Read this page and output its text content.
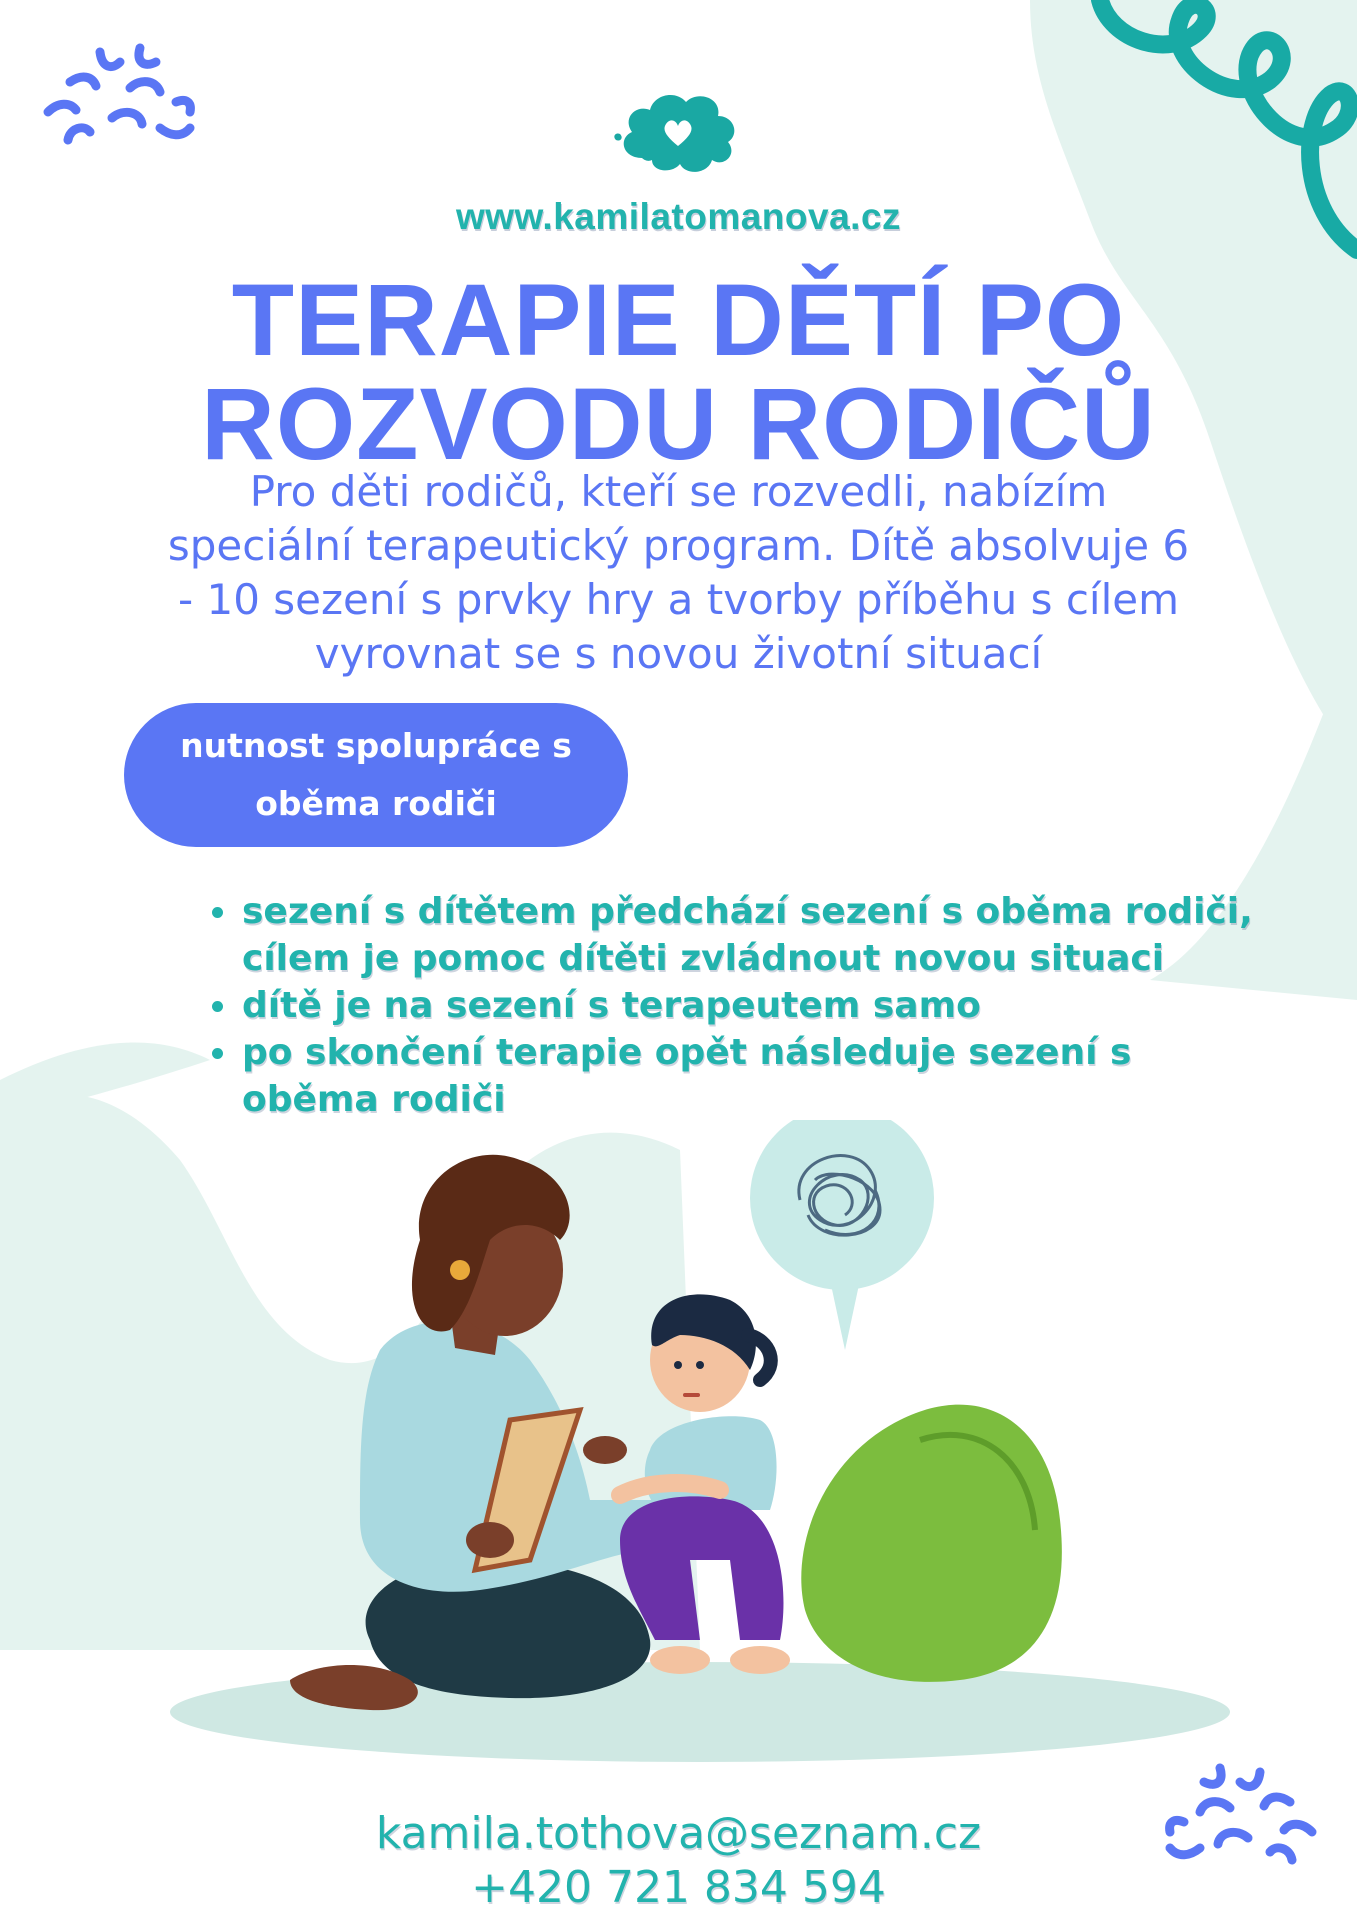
www.kamilatomanova.cz
TERAPIE DĚTÍ PO
ROZVODU RODIČŮ
Pro děti rodičů, kteří se rozvedli, nabízím
speciální terapeutický program. Dítě absolvuje 6
- 10 sezení s prvky hry a tvorby příběhu s cílem
vyrovnat se s novou životní situací
nutnost spolupráce s
oběma rodiči
• sezení s dítětem předchází sezení s oběma rodiči, cílem je pomoc dítěti zvládnout novou situaci
• dítě je na sezení s terapeutem samo
• po skončení terapie opět následuje sezení s oběma rodiči
kamila.tothova@seznam.cz
+420 721 834 594
